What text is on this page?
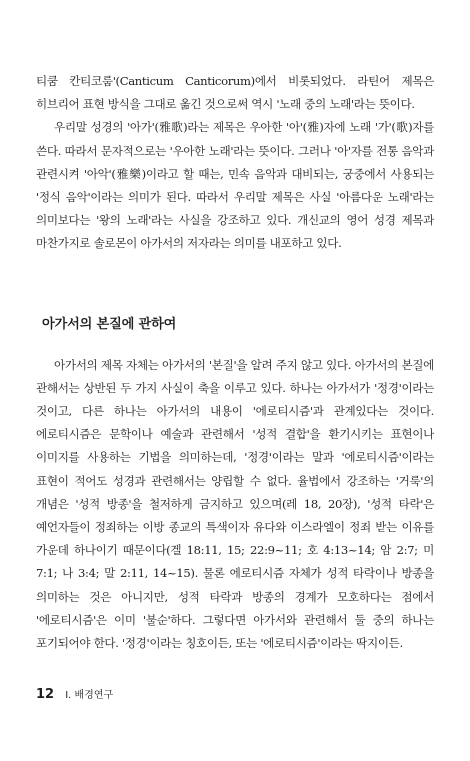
티쿰 칸티코룸'(Canticum Canticorum)에서 비롯되었다. 라틴어 제목은 히브리어 표현 방식을 그대로 옮긴 것으로써 역시 '노래 중의 노래'라는 뜻이다.

우리말 성경의 '아가'(雅歌)라는 제목은 우아한 '아'(雅)자에 노래 '가'(歌)자를 쓴다. 따라서 문자적으로는 '우아한 노래'라는 뜻이다. 그러나 '아'자를 전통 음악과 관련시켜 '아악'(雅樂)이라고 할 때는, 민속 음악과 대비되는, 궁중에서 사용되는 '정식 음악'이라는 의미가 된다. 따라서 우리말 제목은 사실 '아름다운 노래'라는 의미보다는 '왕의 노래'라는 사실을 강조하고 있다. 개신교의 영어 성경 제목과 마찬가지로 솔로몬이 아가서의 저자라는 의미를 내포하고 있다.

아가서의 본질에 관하여

아가서의 제목 자체는 아가서의 '본질'을 알려 주지 않고 있다. 아가서의 본질에 관해서는 상반된 두 가지 사실이 축을 이루고 있다. 하나는 아가서가 '정경'이라는 것이고, 다른 하나는 아가서의 내용이 '에로티시즘'과 관계있다는 것이다. 에로티시즘은 문학이나 예술과 관련해서 '성적 결합'을 환기시키는 표현이나 이미지를 사용하는 기법을 의미하는데, '정경'이라는 말과 '에로티시즘'이라는 표현이 적어도 성경과 관련해서는 양립할 수 없다. 율법에서 강조하는 '거룩'의 개념은 '성적 방종'을 철저하게 금지하고 있으며(레 18, 20장), '성적 타락'은 예언자들이 정죄하는 이방 종교의 특색이자 유다와 이스라엘이 정죄 받는 이유를 가운데 하나이기 때문이다(겔 18:11, 15; 22:9~11; 호 4:13~14; 암 2:7; 미 7:1; 나 3:4; 말 2:11, 14~15). 물론 에로티시즘 자체가 성적 타락이나 방종을 의미하는 것은 아니지만, 성적 타락과 방종의 경계가 모호하다는 점에서 '에로티시즘'은 이미 '불순'하다. 그렇다면 아가서와 관련해서 둘 중의 하나는 포기되어야 한다. '정경'이라는 칭호이든, 또는 '에로티시즘'이라는 딱지이든.

12 I. 배경연구
